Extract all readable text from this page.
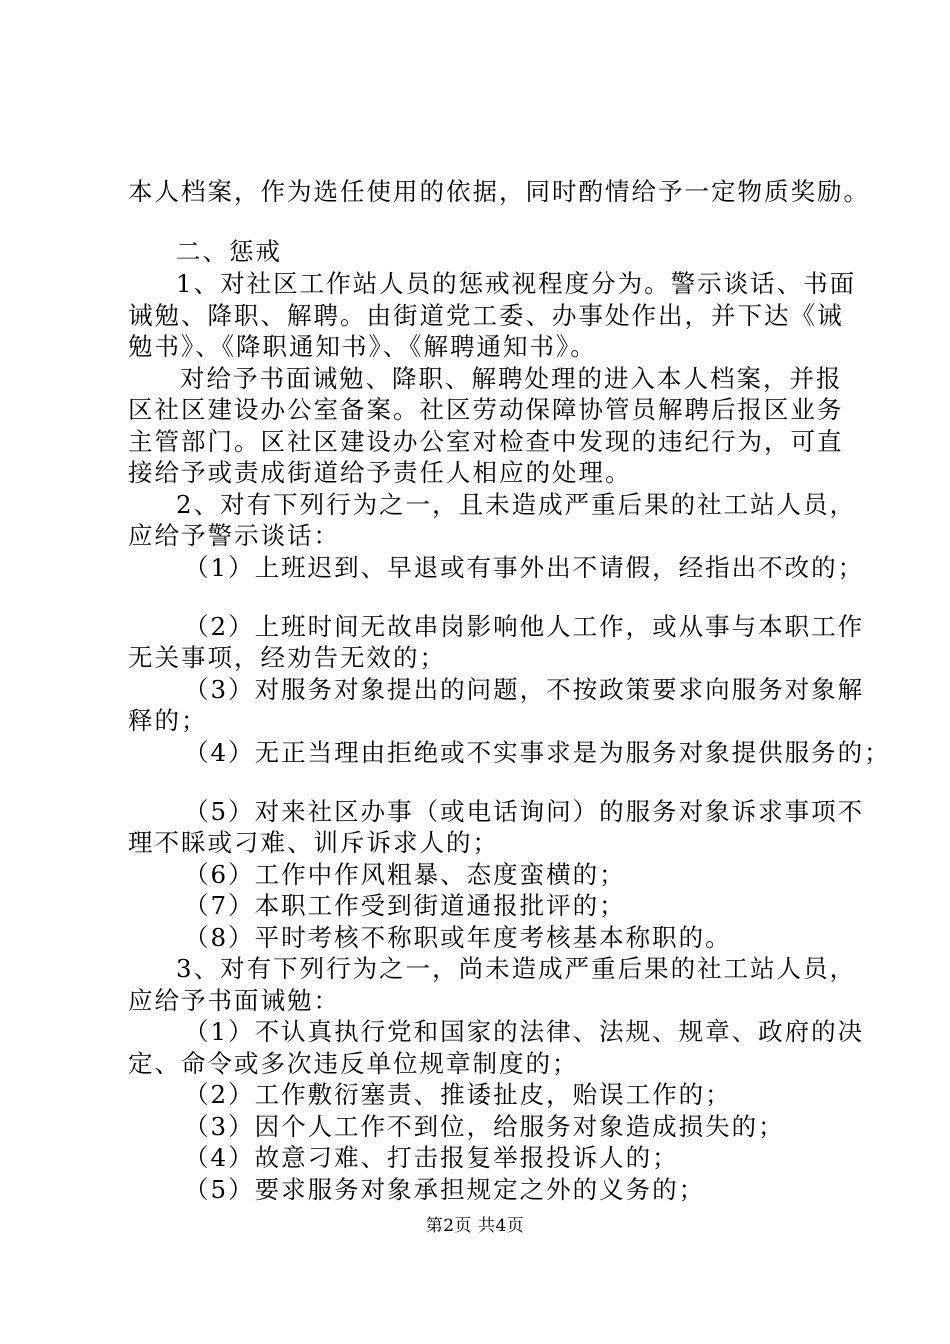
本人档案，作为选任使用的依据，同时酌情给予一定物质奖励。
二、惩戒
1、对社区工作站人员的惩戒视程度分为。警示谈话、书面
诫勉、降职、解聘。由街道党工委、办事处作出，并下达《诫
勉书》、《降职通知书》、《解聘通知书》。
对给予书面诫勉、降职、解聘处理的进入本人档案，并报
区社区建设办公室备案。社区劳动保障协管员解聘后报区业务
主管部门。区社区建设办公室对检查中发现的违纪行为，可直
接给予或责成街道给予责任人相应的处理。
2、对有下列行为之一，且未造成严重后果的社工站人员，
应给予警示谈话：
（1）上班迟到、早退或有事外出不请假，经指出不改的；
（2）上班时间无故串岗影响他人工作，或从事与本职工作
无关事项，经劝告无效的；
（3）对服务对象提出的问题，不按政策要求向服务对象解
释的；
（4）无正当理由拒绝或不实事求是为服务对象提供服务的；
（5）对来社区办事（或电话询问）的服务对象诉求事项不
理不睬或刁难、训斥诉求人的；
（6）工作中作风粗暴、态度蛮横的；
（7）本职工作受到街道通报批评的；
（8）平时考核不称职或年度考核基本称职的。
3、对有下列行为之一，尚未造成严重后果的社工站人员，
应给予书面诫勉：
（1）不认真执行党和国家的法律、法规、规章、政府的决
定、命令或多次违反单位规章制度的；
（2）工作敷衍塞责、推诿扯皮，贻误工作的；
（3）因个人工作不到位，给服务对象造成损失的；
（4）故意刁难、打击报复举报投诉人的；
（5）要求服务对象承担规定之外的义务的；
第2页 共4页
